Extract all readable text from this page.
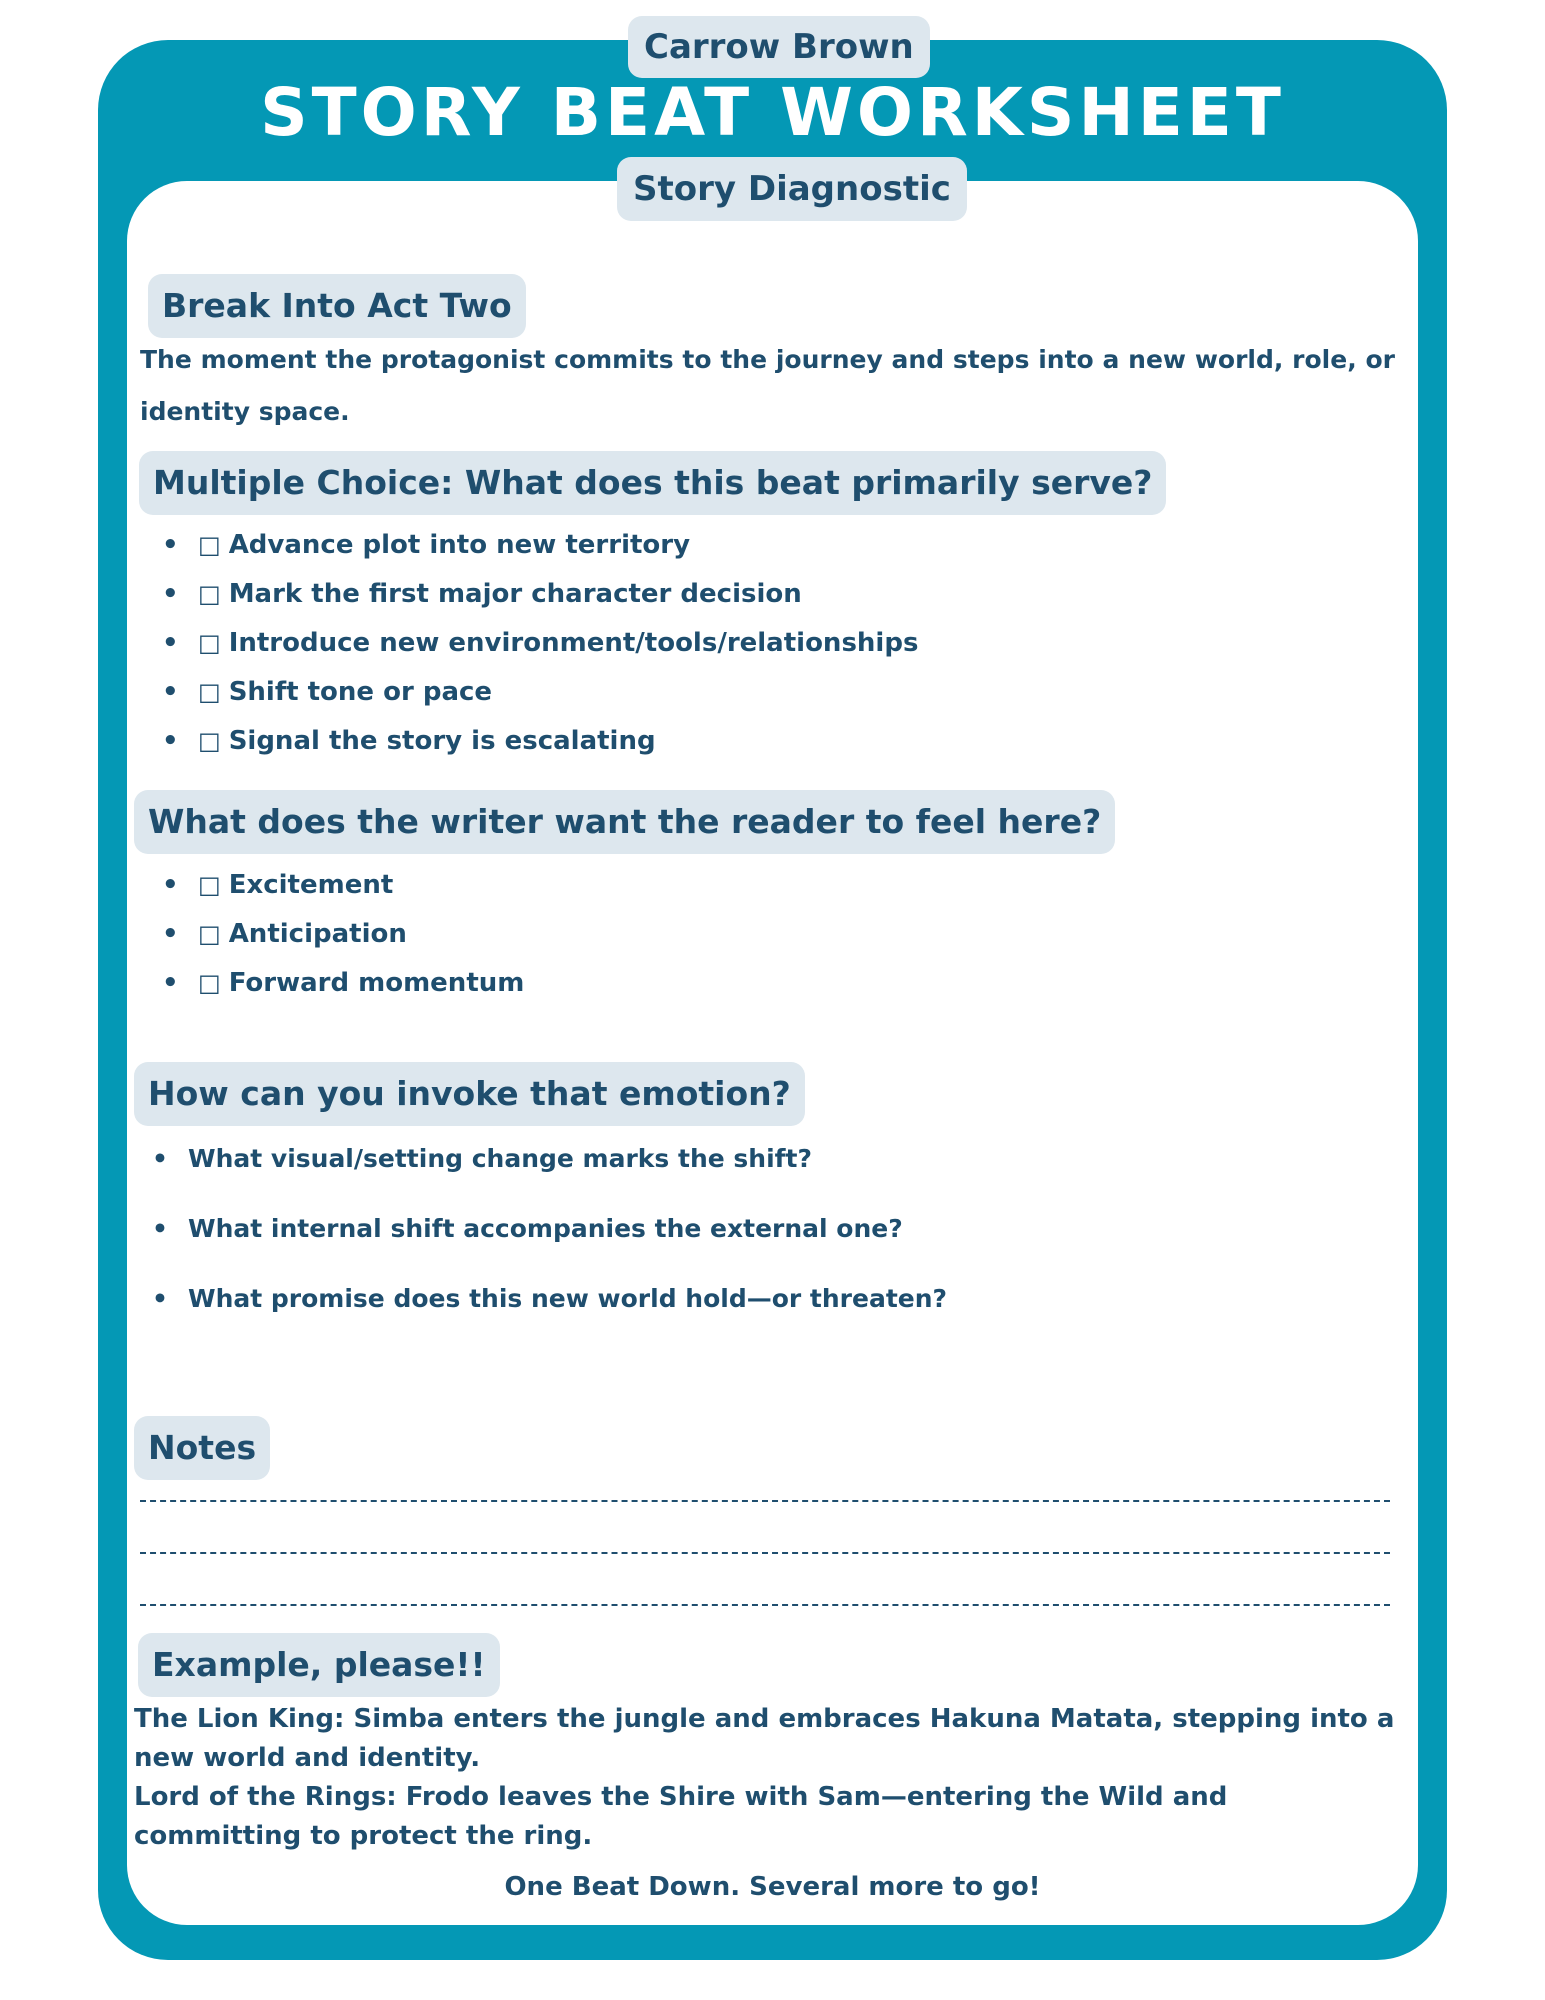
Carrow Brown
STORY BEAT WORKSHEET
Story Diagnostic
Break Into Act Two
The moment the protagonist commits to the journey and steps into a new world, role, or identity space.
Multiple Choice: What does this beat primarily serve?
• □ Advance plot into new territory
• □ Mark the first major character decision
• □ Introduce new environment/tools/relationships
• □ Shift tone or pace
• □ Signal the story is escalating
What does the writer want the reader to feel here?
• □ Excitement
• □ Anticipation
• □ Forward momentum
How can you invoke that emotion?
• What visual/setting change marks the shift?
• What internal shift accompanies the external one?
• What promise does this new world hold—or threaten?
Notes
Example, please!!
The Lion King: Simba enters the jungle and embraces Hakuna Matata, stepping into a new world and identity.
Lord of the Rings: Frodo leaves the Shire with Sam—entering the Wild and committing to protect the ring.
One Beat Down. Several more to go!
